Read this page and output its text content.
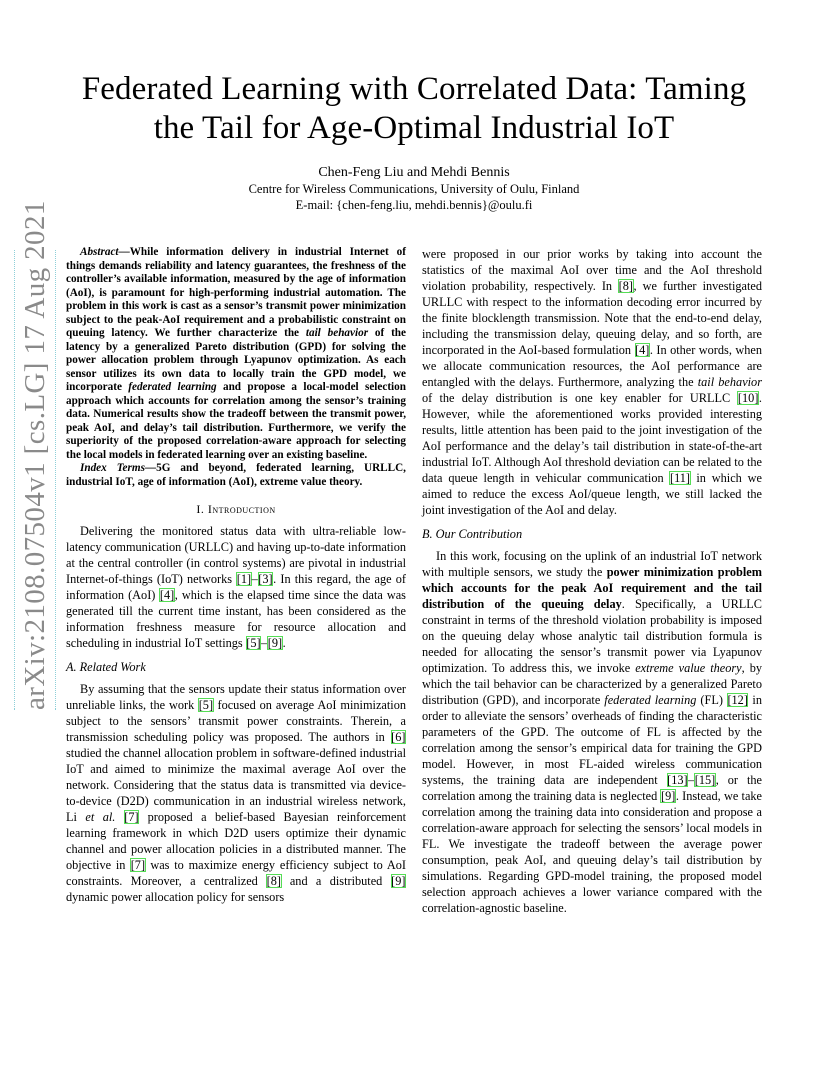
Federated Learning with Correlated Data: Taming
the Tail for Age-Optimal Industrial IoT
Chen-Feng Liu and Mehdi Bennis
Centre for Wireless Communications, University of Oulu, Finland
E-mail: {chen-feng.liu, mehdi.bennis}@oulu.fi
arXiv:2108.07504v1 [cs.LG] 17 Aug 2021	Abstract—While information delivery in industrial Internet of things demands reliability and latency guarantees, the freshness of the controller’s available information, measured by the age of information (AoI), is paramount for high-performing industrial automation. The problem in this work is cast as a sensor’s transmit power minimization subject to the peak-AoI requirement and a probabilistic constraint on queuing latency. We further characterize the tail behavior of the latency by a generalized Pareto distribution (GPD) for solving the power allocation problem through Lyapunov optimization. As each sensor utilizes its own data to locally train the GPD model, we incorporate federated learning and propose a local-model selection approach which accounts for correlation among the sensor’s training data. Numerical results show the tradeoff between the transmit power, peak AoI, and delay’s tail distribution. Furthermore, we verify the superiority of the proposed correlation-aware approach for selecting the local models in federated learning over an existing baseline.

Index Terms—5G and beyond, federated learning, URLLC, industrial IoT, age of information (AoI), extreme value theory.

I. Introduction

Delivering the monitored status data with ultra-reliable low-latency communication (URLLC) and having up-to-date information at the central controller (in control systems) are pivotal in industrial Internet-of-things (IoT) networks [1]–[3]. In this regard, the age of information (AoI) [4], which is the elapsed time since the data was generated till the current time instant, has been considered as the information freshness measure for resource allocation and scheduling in industrial IoT settings [5]–[9].

A. Related Work

By assuming that the sensors update their status information over unreliable links, the work [5] focused on average AoI minimization subject to the sensors’ transmit power constraints. Therein, a transmission scheduling policy was proposed. The authors in [6] studied the channel allocation problem in software-defined industrial IoT and aimed to minimize the maximal average AoI over the network. Considering that the status data is transmitted via device-to-device (D2D) communication in an industrial wireless network, Li et al. [7] proposed a belief-based Bayesian reinforcement learning framework in which D2D users optimize their dynamic channel and power allocation policies in a distributed manner. The objective in [7] was to maximize energy efficiency subject to AoI constraints. Moreover, a centralized [8] and a distributed [9] dynamic power allocation policy for sensors

were proposed in our prior works by taking into account the statistics of the maximal AoI over time and the AoI threshold violation probability, respectively. In [8], we further investigated URLLC with respect to the information decoding error incurred by the finite blocklength transmission. Note that the end-to-end delay, including the transmission delay, queuing delay, and so forth, are incorporated in the AoI-based formulation [4]. In other words, when we allocate communication resources, the AoI performance are entangled with the delays. Furthermore, analyzing the tail behavior of the delay distribution is one key enabler for URLLC [10]. However, while the aforementioned works provided interesting results, little attention has been paid to the joint investigation of the AoI performance and the delay’s tail distribution in state-of-the-art industrial IoT. Although AoI threshold deviation can be related to the data queue length in vehicular communication [11] in which we aimed to reduce the excess AoI/queue length, we still lacked the joint investigation of the AoI and delay.

B. Our Contribution

In this work, focusing on the uplink of an industrial IoT network with multiple sensors, we study the power minimization problem which accounts for the peak AoI requirement and the tail distribution of the queuing delay. Specifically, a URLLC constraint in terms of the threshold violation probability is imposed on the queuing delay whose analytic tail distribution formula is needed for allocating the sensor’s transmit power via Lyapunov optimization. To address this, we invoke extreme value theory, by which the tail behavior can be characterized by a generalized Pareto distribution (GPD), and incorporate federated learning (FL) [12] in order to alleviate the sensors’ overheads of finding the characteristic parameters of the GPD. The outcome of FL is affected by the correlation among the sensor’s empirical data for training the GPD model. However, in most FL-aided wireless communication systems, the training data are independent [13]–[15], or the correlation among the training data is neglected [9]. Instead, we take correlation among the training data into consideration and propose a correlation-aware approach for selecting the sensors’ local models in FL. We investigate the tradeoff between the average power consumption, peak AoI, and queuing delay’s tail distribution by simulations. Regarding GPD-model training, the proposed model selection approach achieves a lower variance compared with the correlation-agnostic baseline.
